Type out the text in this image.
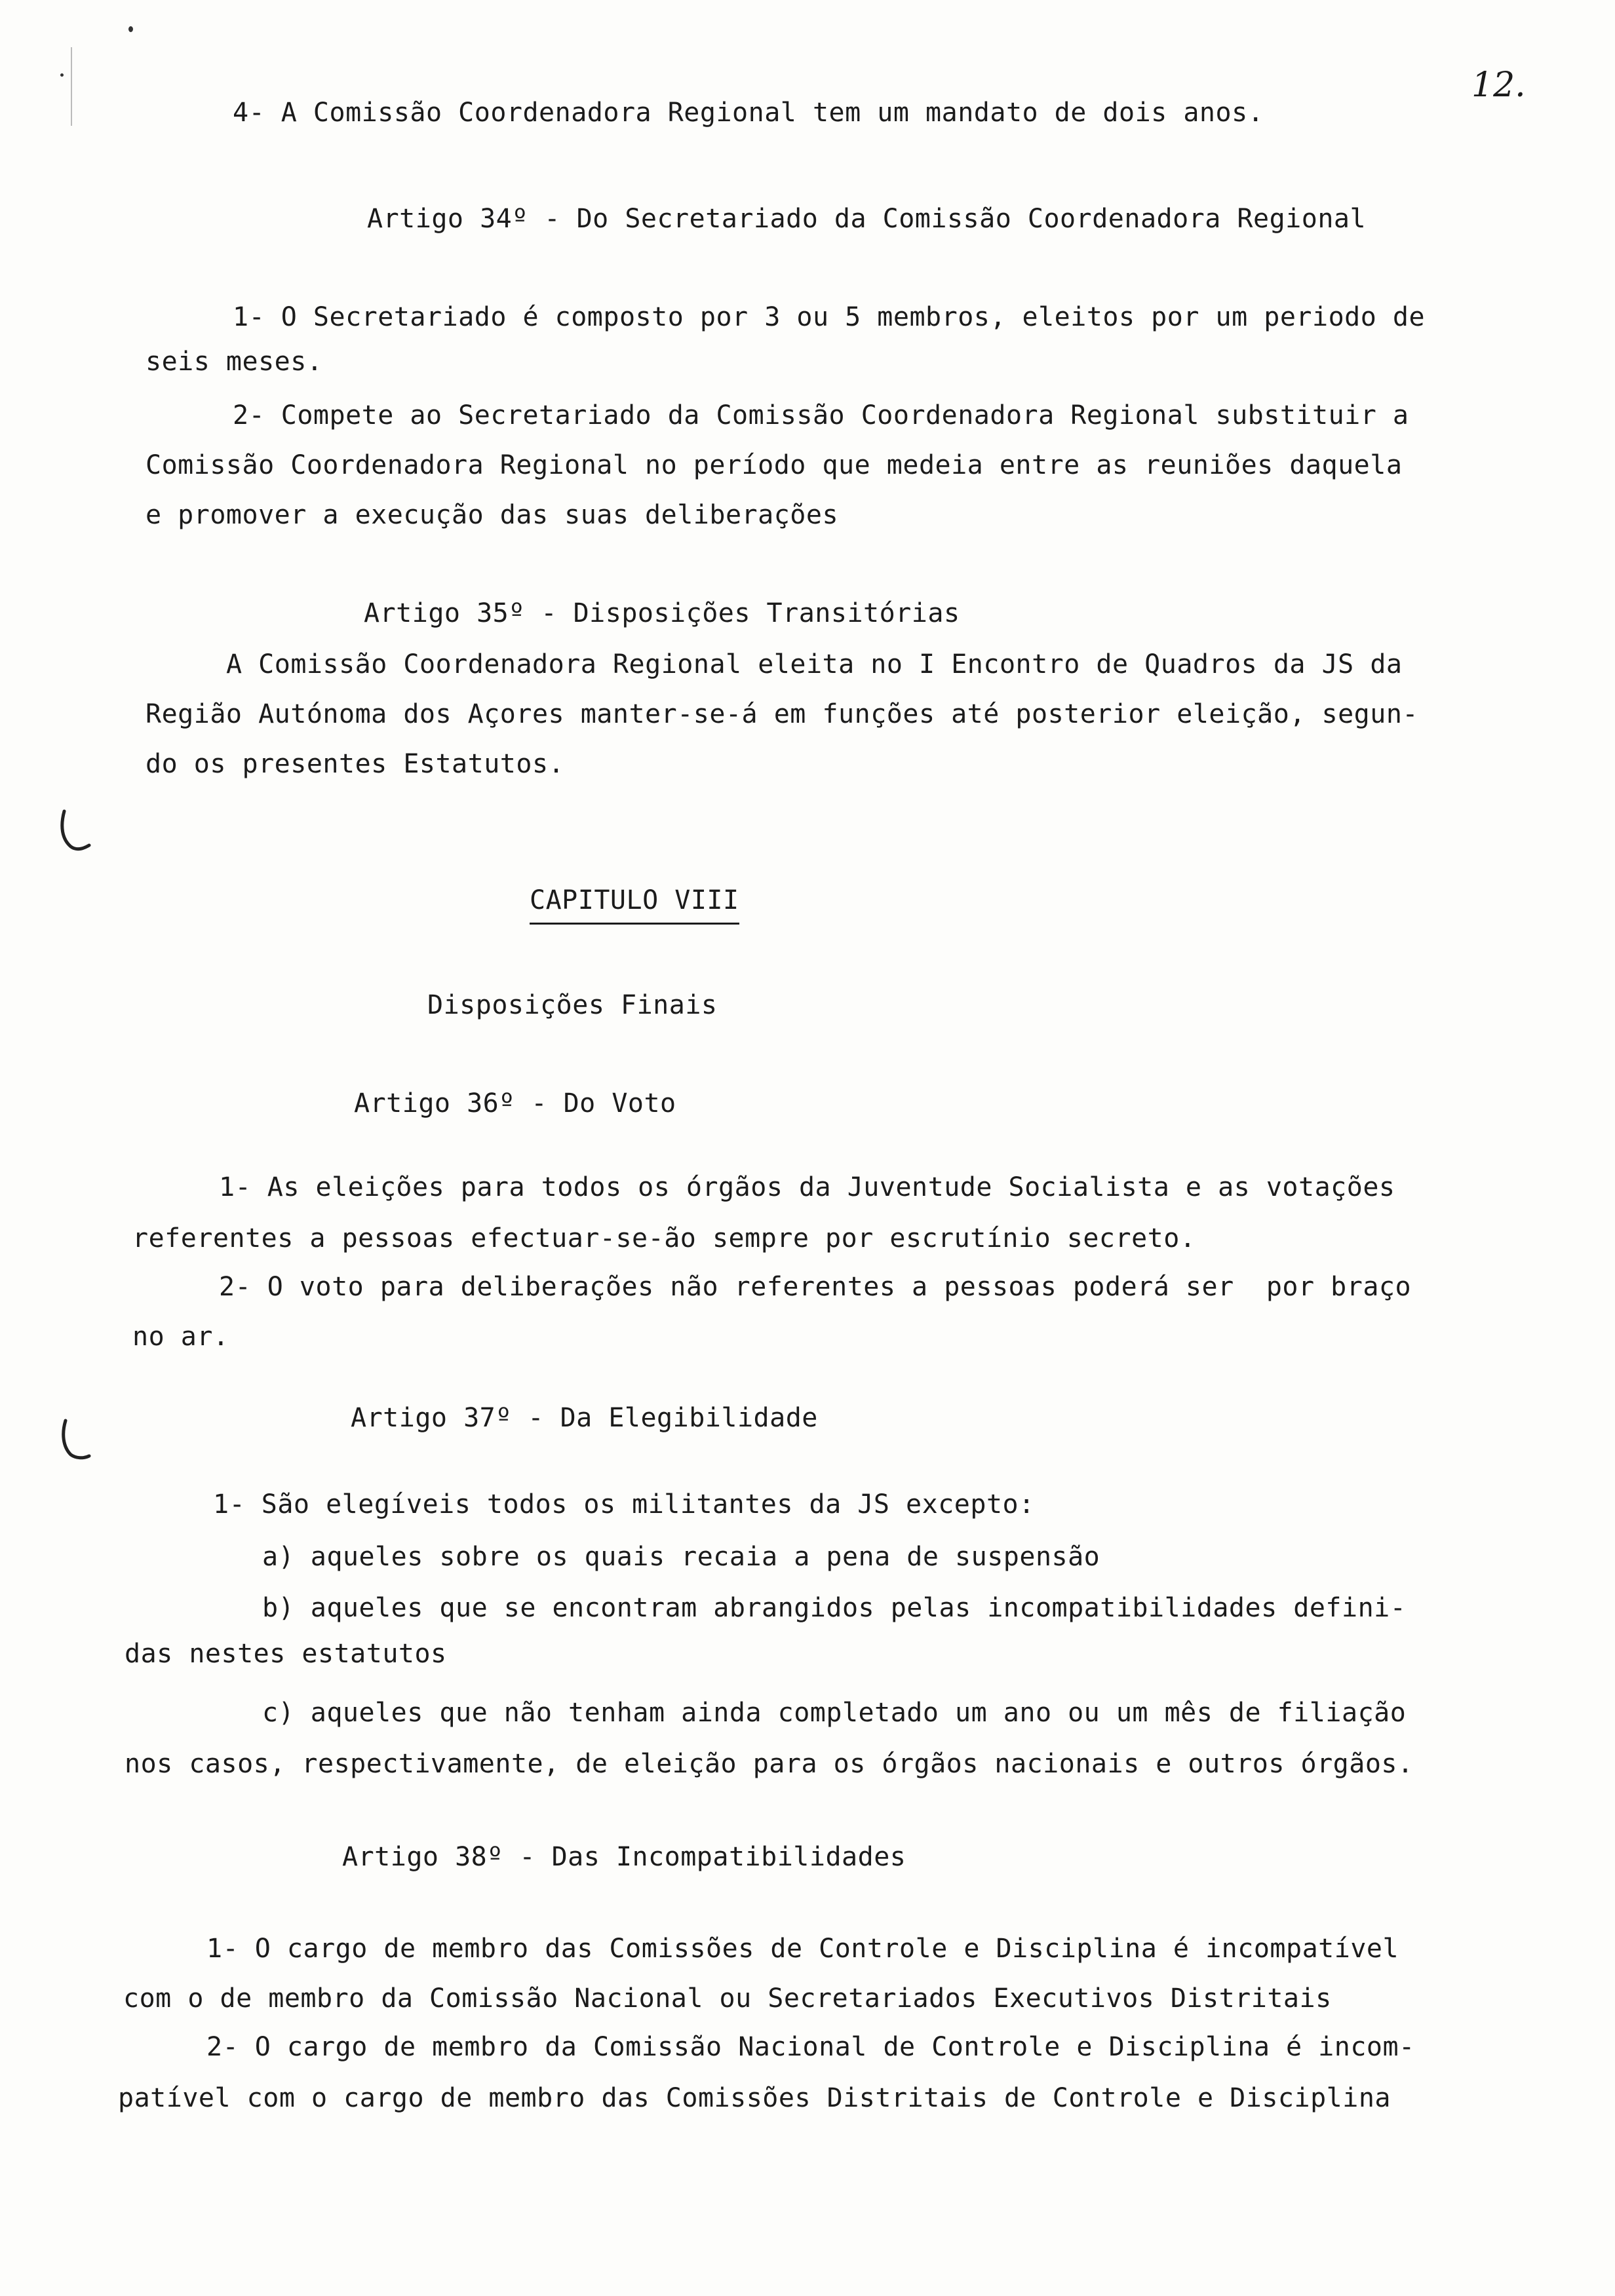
12.
4- A Comissão Coordenadora Regional tem um mandato de dois anos.
Artigo 34º - Do Secretariado da Comissão Coordenadora Regional
1- O Secretariado é composto por 3 ou 5 membros, eleitos por um periodo de
seis meses.
2- Compete ao Secretariado da Comissão Coordenadora Regional substituir a
Comissão Coordenadora Regional no período que medeia entre as reuniões daquela
e promover a execução das suas deliberações
Artigo 35º - Disposições Transitórias
A Comissão Coordenadora Regional eleita no I Encontro de Quadros da JS da
Região Autónoma dos Açores manter-se-á em funções até posterior eleição, segun-
do os presentes Estatutos.
CAPITULO VIII
Disposições Finais
Artigo 36º - Do Voto
1- As eleições para todos os órgãos da Juventude Socialista e as votações
referentes a pessoas efectuar-se-ão sempre por escrutínio secreto.
2- O voto para deliberações não referentes a pessoas poderá ser  por braço
no ar.
Artigo 37º - Da Elegibilidade
1- São elegíveis todos os militantes da JS excepto:
a) aqueles sobre os quais recaia a pena de suspensão
b) aqueles que se encontram abrangidos pelas incompatibilidades defini-
das nestes estatutos
c) aqueles que não tenham ainda completado um ano ou um mês de filiação
nos casos, respectivamente, de eleição para os órgãos nacionais e outros órgãos.
Artigo 38º - Das Incompatibilidades
1- O cargo de membro das Comissões de Controle e Disciplina é incompatível
com o de membro da Comissão Nacional ou Secretariados Executivos Distritais
2- O cargo de membro da Comissão Nacional de Controle e Disciplina é incom-
patível com o cargo de membro das Comissões Distritais de Controle e Disciplina
